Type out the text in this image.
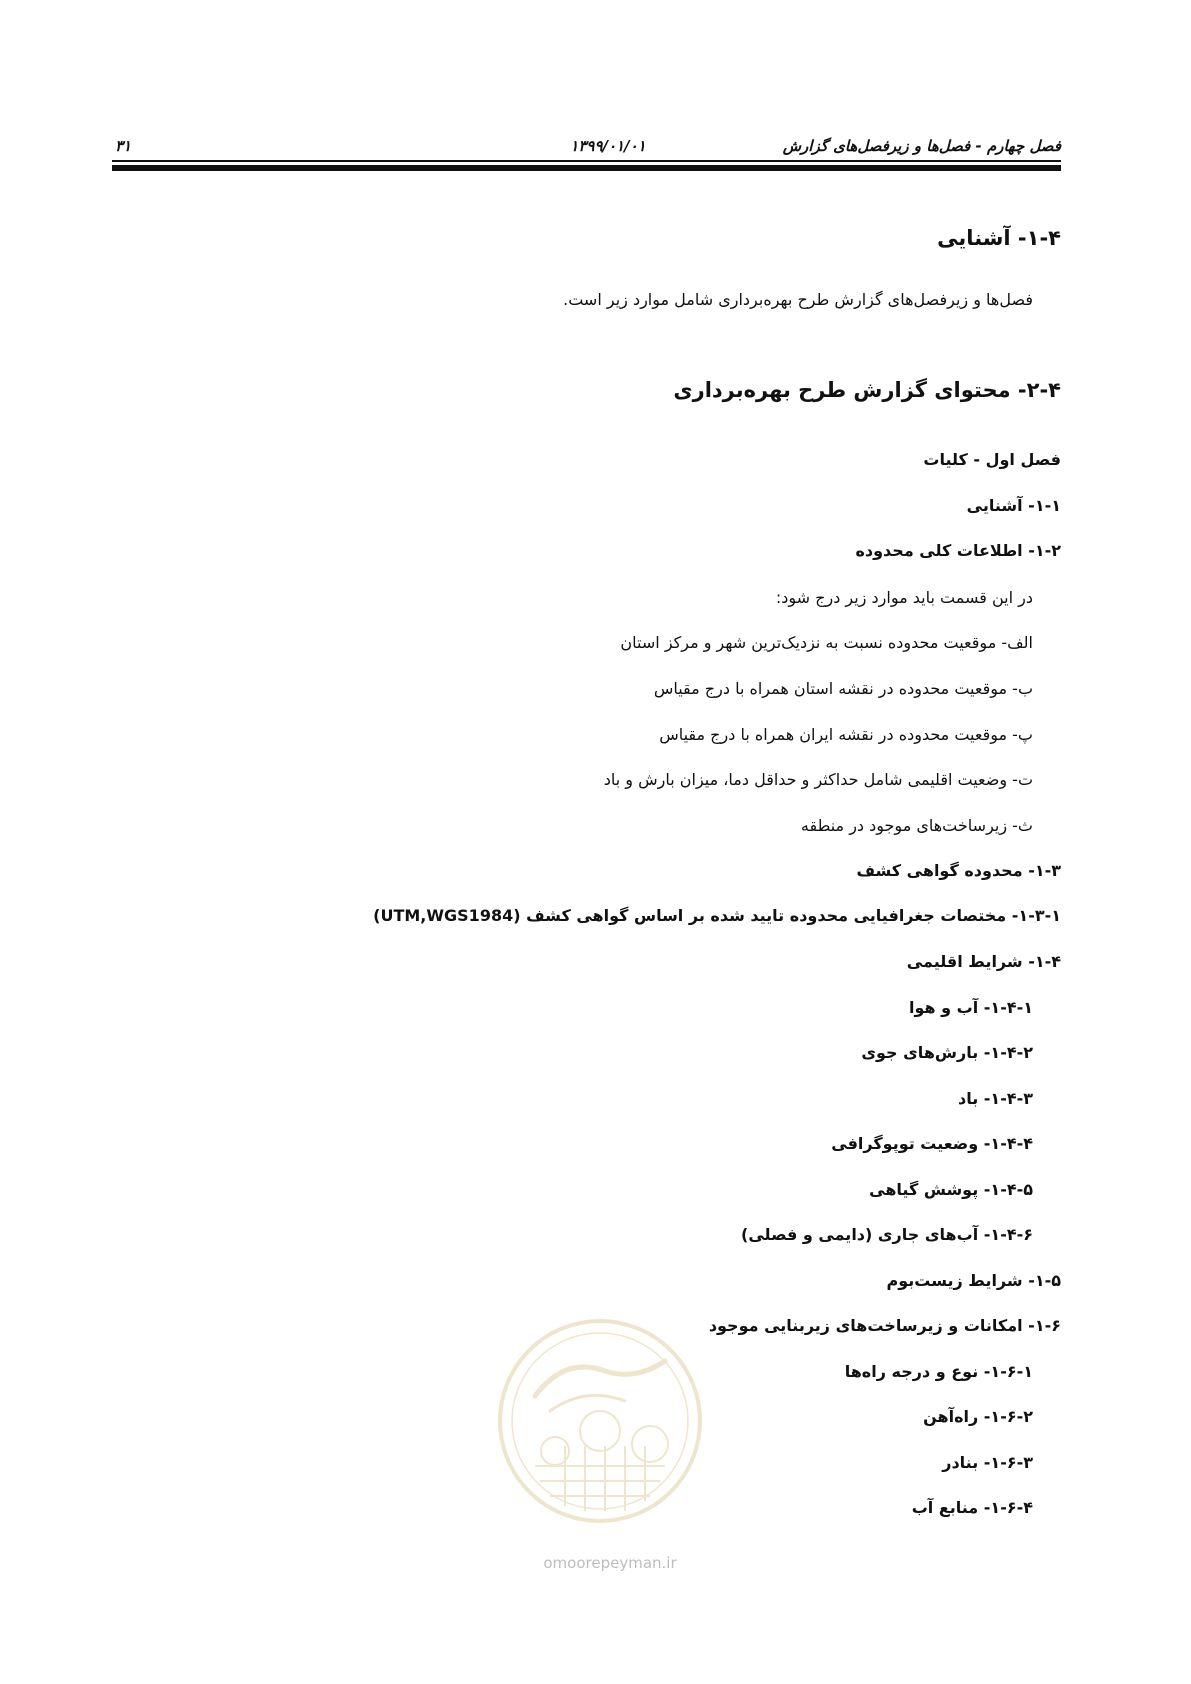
فصل چهارم - فصل‌ها و زیرفصل‌های گزارش
۱۳۹۹/۰۱/۰۱
۳۱
۱-۴- آشنایی
فصل‌ها و زیرفصل‌های گزارش طرح بهره‌برداری شامل موارد زیر است.
۲-۴- محتوای گزارش طرح بهره‌برداری
فصل اول - کلیات
۱-۱- آشنایی
۱-۲- اطلاعات کلی محدوده
در این قسمت باید موارد زیر درج شود:
الف- موقعیت محدوده نسبت به نزدیک‌ترین شهر و مرکز استان
ب- موقعیت محدوده در نقشه استان همراه با درج مقیاس
پ- موقعیت محدوده در نقشه ایران همراه با درج مقیاس
ت- وضعیت اقلیمی شامل حداکثر و حداقل دما، میزان بارش و باد
ث- زیرساخت‌های موجود در منطقه
۱-۳- محدوده گواهی کشف
۱-۳-۱- مختصات جغرافیایی محدوده تایید شده بر اساس گواهی کشف (UTM,WGS1984)
۱-۴- شرایط اقلیمی
۱-۴-۱- آب و هوا
۱-۴-۲- بارش‌های جوی
۱-۴-۳- باد
۱-۴-۴- وضعیت توپوگرافی
۱-۴-۵- پوشش گیاهی
۱-۴-۶- آب‌های جاری (دایمی و فصلی)
۱-۵- شرایط زیست‌بوم
۱-۶- امکانات و زیرساخت‌های زیربنایی موجود
۱-۶-۱- نوع و درجه راه‌ها
۱-۶-۲- راه‌آهن
۱-۶-۳- بنادر
۱-۶-۴- منابع آب
omoorepeyman.ir
